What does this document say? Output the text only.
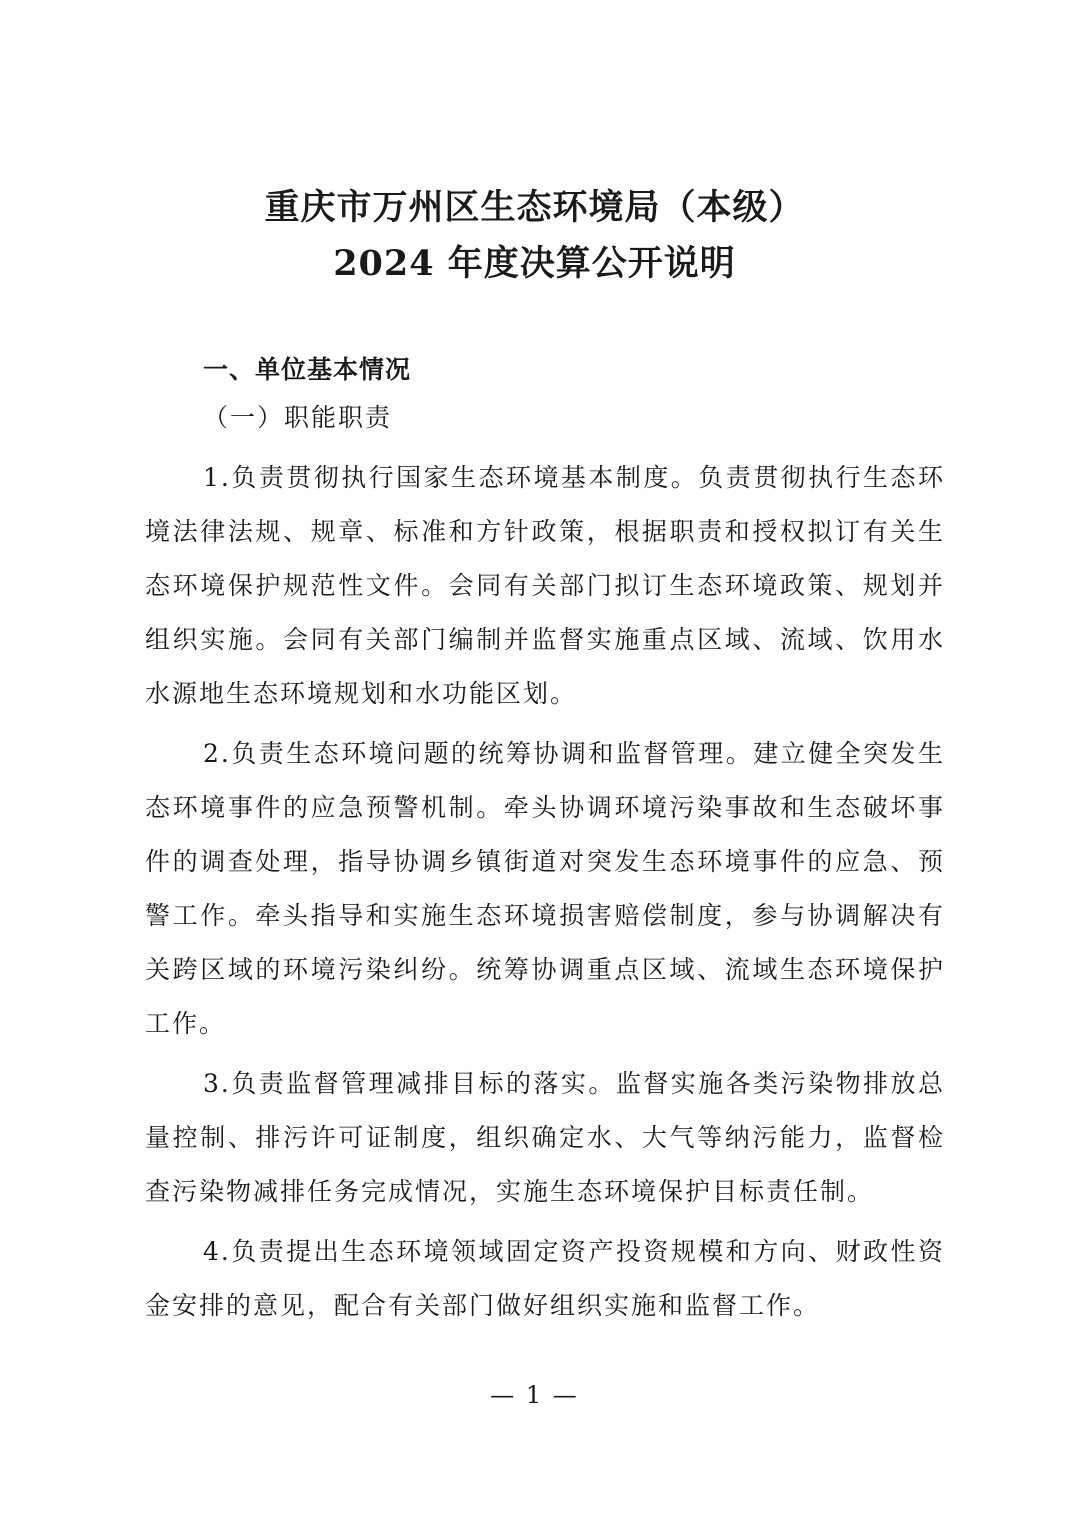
重庆市万州区生态环境局（本级）
2024 年度决算公开说明

一、单位基本情况

（一）职能职责

1.负责贯彻执行国家生态环境基本制度。负责贯彻执行生态环境法律法规、规章、标准和方针政策，根据职责和授权拟订有关生态环境保护规范性文件。会同有关部门拟订生态环境政策、规划并组织实施。会同有关部门编制并监督实施重点区域、流域、饮用水水源地生态环境规划和水功能区划。

2.负责生态环境问题的统筹协调和监督管理。建立健全突发生态环境事件的应急预警机制。牵头协调环境污染事故和生态破坏事件的调查处理，指导协调乡镇街道对突发生态环境事件的应急、预警工作。牵头指导和实施生态环境损害赔偿制度，参与协调解决有关跨区域的环境污染纠纷。统筹协调重点区域、流域生态环境保护工作。

3.负责监督管理减排目标的落实。监督实施各类污染物排放总量控制、排污许可证制度，组织确定水、大气等纳污能力，监督检查污染物减排任务完成情况，实施生态环境保护目标责任制。

4.负责提出生态环境领域固定资产投资规模和方向、财政性资金安排的意见，配合有关部门做好组织实施和监督工作。

— 1 —
